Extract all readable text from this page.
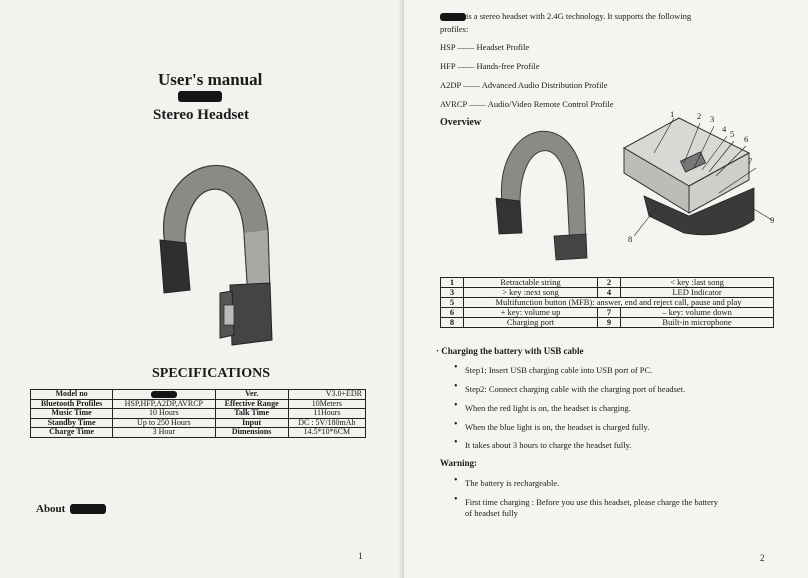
User's manual
Stereo Headset
SPECIFICATIONS
Model no		Ver.	V3.0+EDR
Bluetooth Profiles	HSP,HFP,A2DP,AVRCP	Effective Range	10Meters
Music Time	10 Hours	Talk Time	11Hours
Standby Time	Up to 250 Hours	Input	DC : 5V/180mAh
Charge Time	3 Hour	Dimensions	14.5*10*6CM
About
1
is a stereo headset with 2.4G technology. It supports the following
profiles:
HSP —— Headset Profile
HFP —— Hands-free Profile
A2DP —— Advanced Audio Distribution Profile
AVRCP —— Audio/Video Remote Control Profile
Overview
1	2 3
4 5 6
7
8
9
1	Retractable string	2	< key :last song
3	> key :next song	4	LED Indicator
5	Multifunction button (MFB): answer, end and reject call, pause and play		
6	+ key: volume up	7	– key: volume down
8	Charging port	9	Built-in microphone
· Charging the battery with USB cable
• Step1: Insert USB charging cable into USB port of PC.
• Step2: Connect charging cable with the charging port of headset.
• When the red light is on, the headset is charging.
• When the blue light is on, the headset is charged fully.
• It takes about 3 hours to charge the headset fully.
Warning:
• The battery is rechargeable.
• First time charging : Before you use this headset, please charge the battery
of headset fully
2
